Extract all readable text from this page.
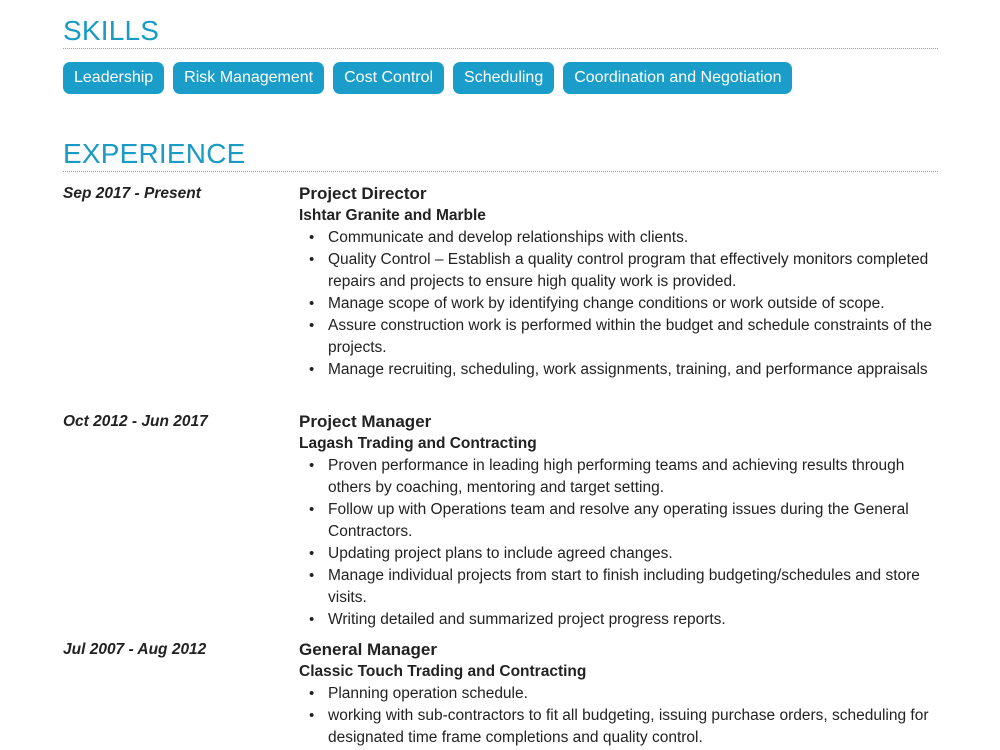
SKILLS
Leadership	Risk Management	Cost Control	Scheduling	Coordination and Negotiation
EXPERIENCE
Sep 2017 - Present	Project Director

Ishtar Granite and Marble

• Communicate and develop relationships with clients.
• Quality Control – Establish a quality control program that effectively monitors completed repairs and projects to ensure high quality work is provided.
• Manage scope of work by identifying change conditions or work outside of scope.
• Assure construction work is performed within the budget and schedule constraints of the projects.
• Manage recruiting, scheduling, work assignments, training, and performance appraisals
Oct 2012 - Jun 2017	Project Manager

Lagash Trading and Contracting

• Proven performance in leading high performing teams and achieving results through others by coaching, mentoring and target setting.
• Follow up with Operations team and resolve any operating issues during the General Contractors.
• Updating project plans to include agreed changes.
• Manage individual projects from start to finish including budgeting/schedules and store visits.
• Writing detailed and summarized project progress reports.
Jul 2007 - Aug 2012	General Manager

Classic Touch Trading and Contracting

• Planning operation schedule.
• working with sub-contractors to fit all budgeting, issuing purchase orders, scheduling for designated time frame completions and quality control.
